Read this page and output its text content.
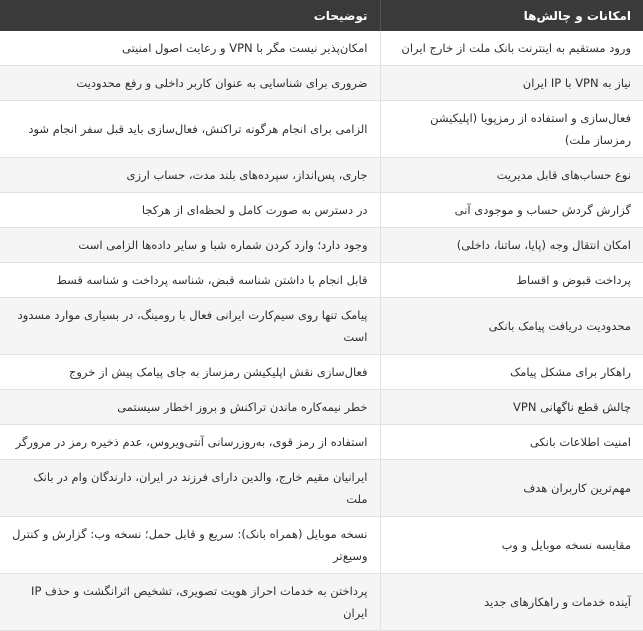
امکانات و چالش‌ها	توضیحات
ورود مستقیم به اینترنت بانک ملت از خارج ایران	امکان‌پذیر نیست مگر با VPN و رعایت اصول امنیتی
نیاز به VPN با IP ایران	ضروری برای شناسایی به عنوان کاربر داخلی و رفع محدودیت
فعال‌سازی و استفاده از رمزپویا (اپلیکیشن رمزساز ملت)	الزامی برای انجام هرگونه تراکنش، فعال‌سازی باید قبل سفر انجام شود
نوع حساب‌های قابل مدیریت	جاری، پس‌انداز، سپرده‌های بلند مدت، حساب ارزی
گزارش گردش حساب و موجودی آنی	در دسترس به صورت کامل و لحظه‌ای از هرکجا
امکان انتقال وجه (پایا، ساتنا، داخلی)	وجود دارد؛ وارد کردن شماره شبا و سایر داده‌ها الزامی است
پرداخت قبوض و اقساط	قابل انجام با داشتن شناسه قبض، شناسه پرداخت و شناسه قسط
محدودیت دریافت پیامک بانکی	پیامک تنها روی سیم‌کارت ایرانی فعال با رومینگ، در بسیاری موارد مسدود است
راهکار برای مشکل پیامک	فعال‌سازی نقش اپلیکیشن رمزساز به جای پیامک پیش از خروج
چالش قطع ناگهانی VPN	خطر نیمه‌کاره ماندن تراکنش و بروز اخطار سیستمی
امنیت اطلاعات بانکی	استفاده از رمز قوی، به‌روزرسانی آنتی‌ویروس، عدم ذخیره رمز در مرورگر
مهم‌ترین کاربران هدف	ایرانیان مقیم خارج، والدین دارای فرزند در ایران، دارندگان وام در بانک ملت
مقایسه نسخه موبایل و وب	نسخه موبایل (همراه بانک): سریع و قابل حمل؛ نسخه وب: گزارش و کنترل وسیع‌تر
آینده خدمات و راهکارهای جدید	پرداختن به خدمات احراز هویت تصویری، تشخیص اثرانگشت و حذف IP ایران
